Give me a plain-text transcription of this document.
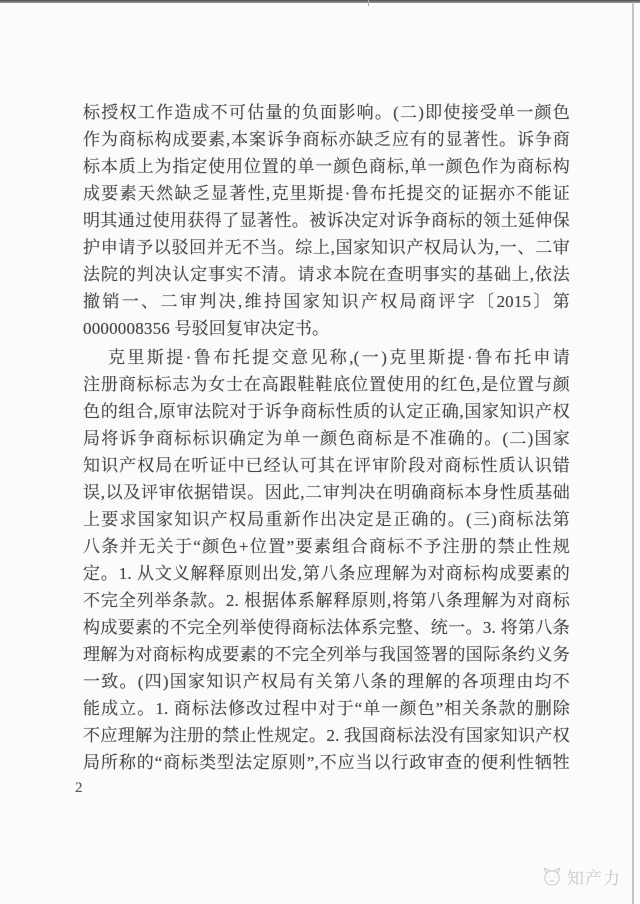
标授权工作造成不可估量的负面影响。(二)即使接受单一颜色
作为商标构成要素,本案诉争商标亦缺乏应有的显著性。诉争商
标本质上为指定使用位置的单一颜色商标,单一颜色作为商标构
成要素天然缺乏显著性,克里斯提·鲁布托提交的证据亦不能证
明其通过使用获得了显著性。被诉决定对诉争商标的领土延伸保
护申请予以驳回并无不当。综上,国家知识产权局认为,一、二审
法院的判决认定事实不清。请求本院在查明事实的基础上,依法
撤销一、二审判决,维持国家知识产权局商评字〔2015〕第
0000008356 号驳回复审决定书。
克里斯提·鲁布托提交意见称,(一)克里斯提·鲁布托申请
注册商标标志为女士在高跟鞋鞋底位置使用的红色,是位置与颜
色的组合,原审法院对于诉争商标性质的认定正确,国家知识产权
局将诉争商标标识确定为单一颜色商标是不准确的。(二)国家
知识产权局在听证中已经认可其在评审阶段对商标性质认识错
误,以及评审依据错误。因此,二审判决在明确商标本身性质基础
上要求国家知识产权局重新作出决定是正确的。(三)商标法第
八条并无关于“颜色+位置”要素组合商标不予注册的禁止性规
定。1. 从文义解释原则出发,第八条应理解为对商标构成要素的
不完全列举条款。2. 根据体系解释原则,将第八条理解为对商标
构成要素的不完全列举使得商标法体系完整、统一。3. 将第八条
理解为对商标构成要素的不完全列举与我国签署的国际条约义务
一致。(四)国家知识产权局有关第八条的理解的各项理由均不
能成立。1. 商标法修改过程中对于“单一颜色”相关条款的删除
不应理解为注册的禁止性规定。2. 我国商标法没有国家知识产权
局所称的“商标类型法定原则”,不应当以行政审查的便利性牺牲
2
知产力
